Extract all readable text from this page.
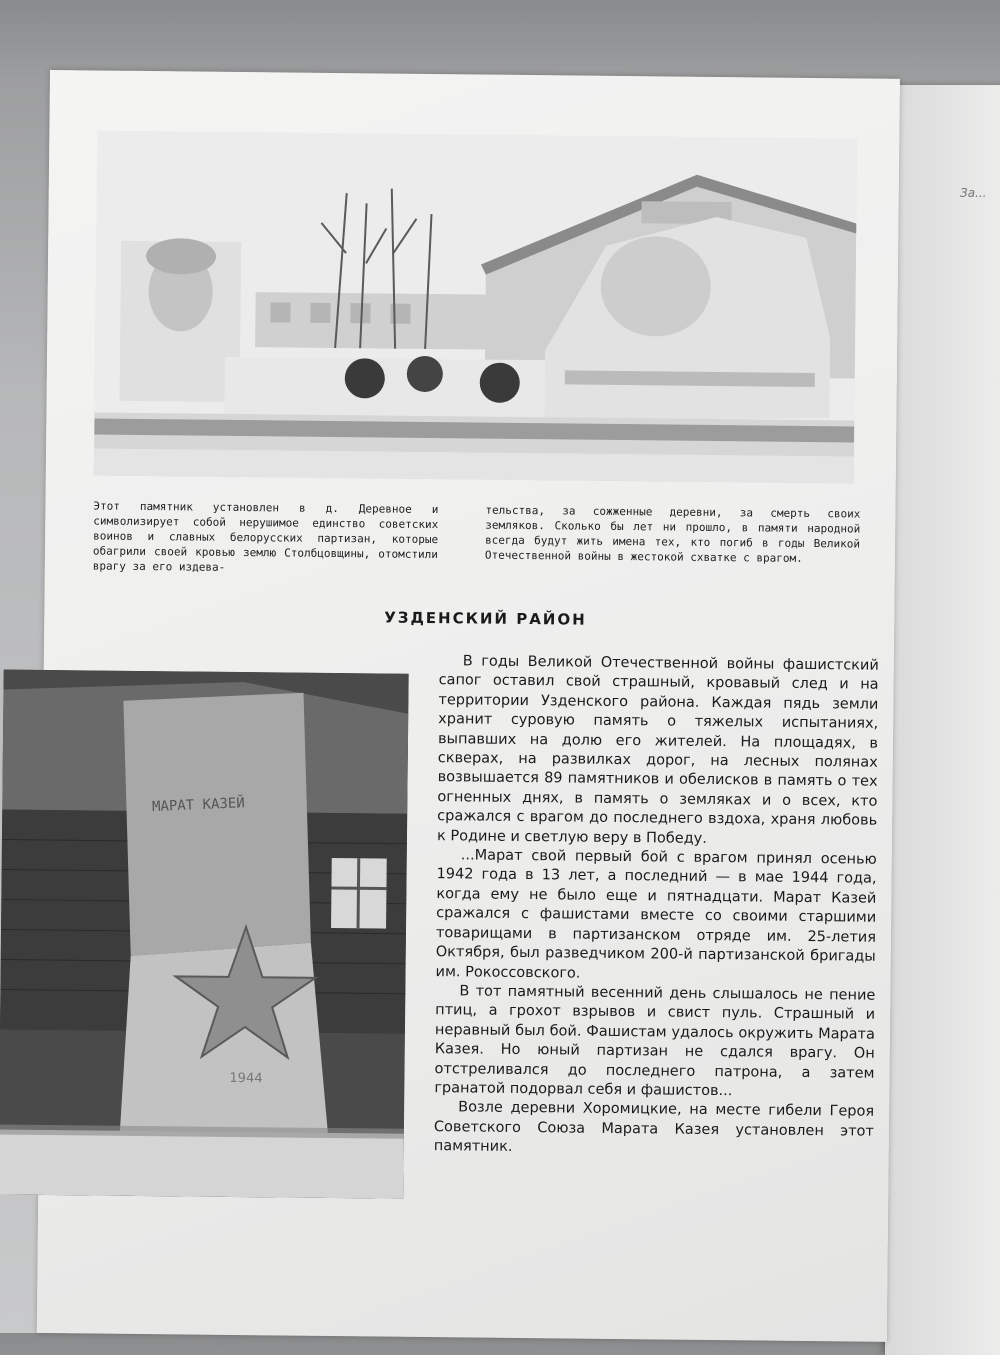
За...
Этот памятник установлен в д. Деревное и символизирует собой нерушимое единство советских воинов и славных белорусских партизан, которые обагрили своей кровью землю Столбцовщины, отомстили врагу за его издева-
тельства, за сожженные деревни, за смерть своих земляков. Сколько бы лет ни прошло, в памяти народной всегда будут жить имена тех, кто погиб в годы Великой Отечественной войны в жестокой схватке с врагом.
УЗДЕНСКИЙ РАЙОН
МАРАТ КАЗЕЙ
1944

В годы Великой Отечественной войны фашистский сапог оставил свой страшный, кровавый след и на территории Узденского района. Каждая пядь земли хранит суровую память о тяжелых испытаниях, выпавших на долю его жителей. На площадях, в скверах, на развилках дорог, на лесных полянах возвышается 89 памятников и обелисков в память о тех огненных днях, в память о земляках и о всех, кто сражался с врагом до последнего вздоха, храня любовь к Родине и светлую веру в Победу.

...Марат свой первый бой с врагом принял осенью 1942 года в 13 лет, а последний — в мае 1944 года, когда ему не было еще и пятнадцати. Марат Казей сражался с фашистами вместе со своими старшими товарищами в партизанском отряде им. 25-летия Октября, был разведчиком 200-й партизанской бригады им. Рокоссовского.

В тот памятный весенний день слышалось не пение птиц, а грохот взрывов и свист пуль. Страшный и неравный был бой. Фашистам удалось окружить Марата Казея. Но юный партизан не сдался врагу. Он отстреливался до последнего патрона, а затем гранатой подорвал себя и фашистов...

Возле деревни Хоромицкие, на месте гибели Героя Советского Союза Марата Казея установлен этот памятник.
